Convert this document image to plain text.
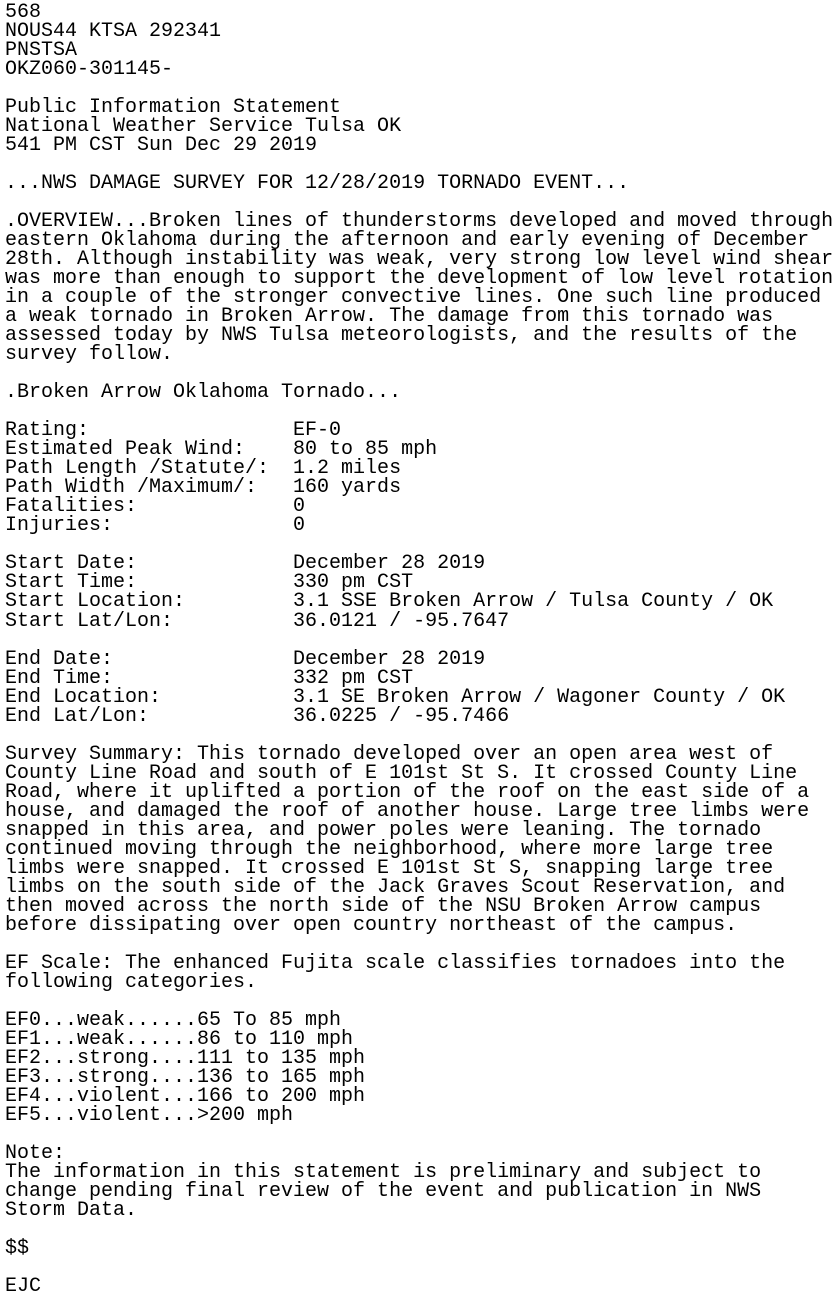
568
NOUS44 KTSA 292341
PNSTSA
OKZ060-301145-
Public Information Statement
National Weather Service Tulsa OK
541 PM CST Sun Dec 29 2019
...NWS DAMAGE SURVEY FOR 12/28/2019 TORNADO EVENT...
.OVERVIEW...Broken lines of thunderstorms developed and moved through
eastern Oklahoma during the afternoon and early evening of December
28th. Although instability was weak, very strong low level wind shear
was more than enough to support the development of low level rotation
in a couple of the stronger convective lines. One such line produced
a weak tornado in Broken Arrow. The damage from this tornado was
assessed today by NWS Tulsa meteorologists, and the results of the
survey follow.
.Broken Arrow Oklahoma Tornado...
Rating:                 EF-0
Estimated Peak Wind:    80 to 85 mph
Path Length /Statute/:  1.2 miles
Path Width /Maximum/:   160 yards
Fatalities:             0
Injuries:               0
Start Date:             December 28 2019
Start Time:             330 pm CST
Start Location:         3.1 SSE Broken Arrow / Tulsa County / OK
Start Lat/Lon:          36.0121 / -95.7647
End Date:               December 28 2019
End Time:               332 pm CST
End Location:           3.1 SE Broken Arrow / Wagoner County / OK
End Lat/Lon:            36.0225 / -95.7466
Survey Summary: This tornado developed over an open area west of
County Line Road and south of E 101st St S. It crossed County Line
Road, where it uplifted a portion of the roof on the east side of a
house, and damaged the roof of another house. Large tree limbs were
snapped in this area, and power poles were leaning. The tornado
continued moving through the neighborhood, where more large tree
limbs were snapped. It crossed E 101st St S, snapping large tree
limbs on the south side of the Jack Graves Scout Reservation, and
then moved across the north side of the NSU Broken Arrow campus
before dissipating over open country northeast of the campus.
EF Scale: The enhanced Fujita scale classifies tornadoes into the
following categories.
EF0...weak......65 To 85 mph
EF1...weak......86 to 110 mph
EF2...strong....111 to 135 mph
EF3...strong....136 to 165 mph
EF4...violent...166 to 200 mph
EF5...violent...>200 mph
Note:
The information in this statement is preliminary and subject to
change pending final review of the event and publication in NWS
Storm Data.
$$
EJC
